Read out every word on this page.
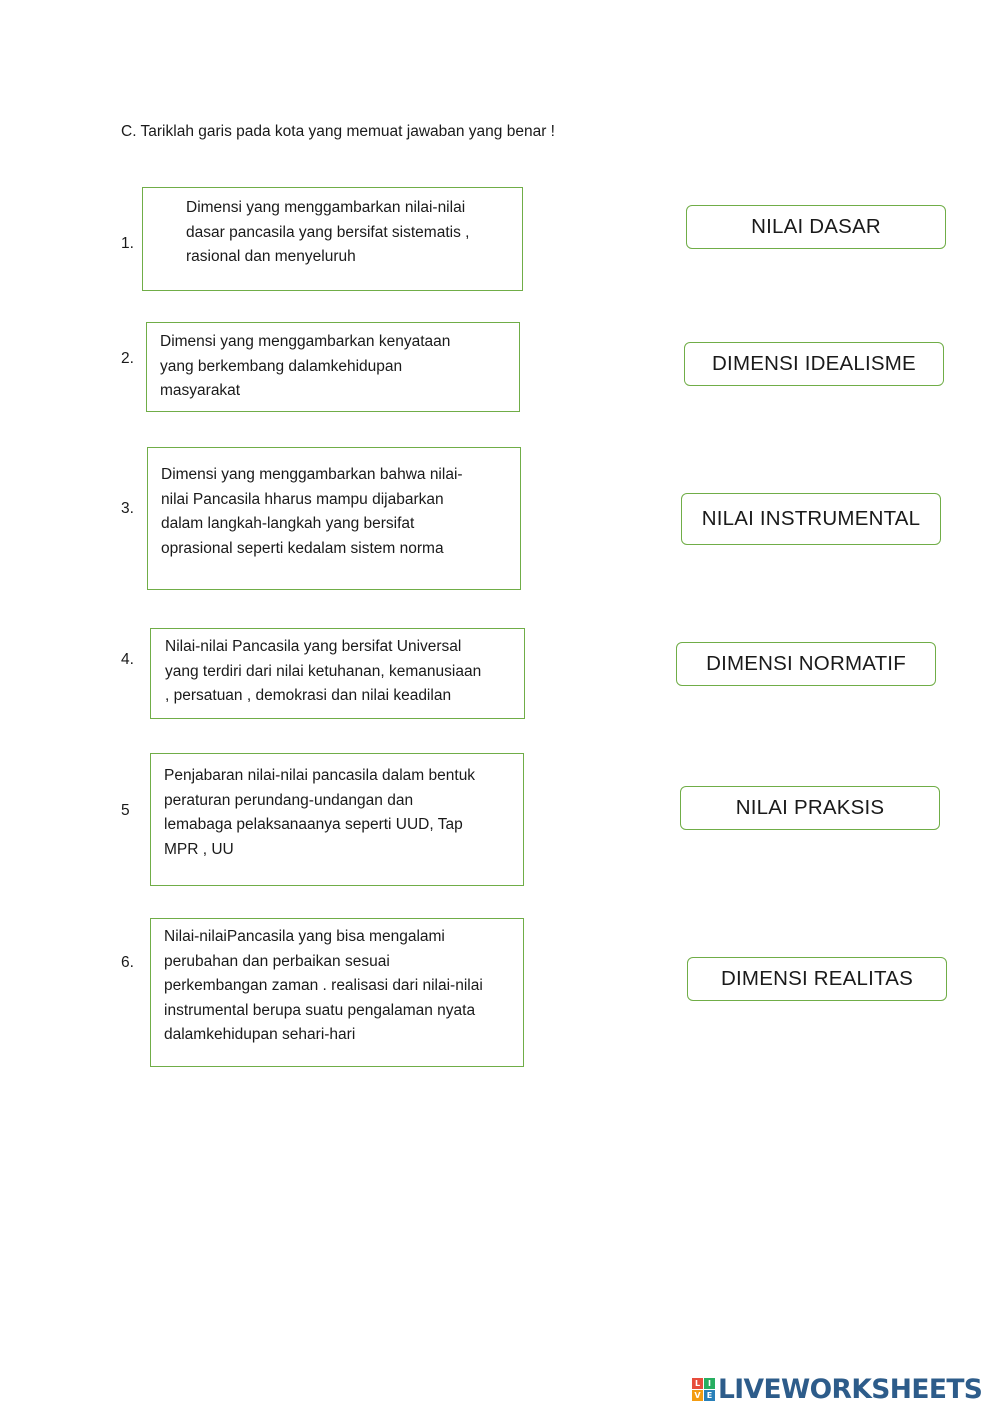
C. Tariklah garis pada kota yang memuat jawaban yang benar !
1.
Dimensi yang menggambarkan nilai-nilai
dasar pancasila yang bersifat sistematis ,
rasional dan menyeluruh
2.
Dimensi yang menggambarkan kenyataan
yang berkembang dalamkehidupan
masyarakat
3.
Dimensi yang menggambarkan bahwa nilai-
nilai Pancasila hharus mampu dijabarkan
dalam langkah-langkah yang bersifat
oprasional seperti kedalam sistem norma
4.
Nilai-nilai Pancasila yang bersifat Universal
yang terdiri dari nilai ketuhanan, kemanusiaan
, persatuan , demokrasi dan nilai keadilan
5
Penjabaran nilai-nilai pancasila dalam bentuk
peraturan perundang-undangan dan
lemabaga pelaksanaanya seperti UUD, Tap
MPR , UU
6.
Nilai-nilaiPancasila yang bisa mengalami
perubahan dan perbaikan sesuai
perkembangan zaman . realisasi dari nilai-nilai
instrumental berupa suatu pengalaman nyata
dalamkehidupan sehari-hari
NILAI DASAR
DIMENSI IDEALISME
NILAI INSTRUMENTAL
DIMENSI NORMATIF
NILAI PRAKSIS
DIMENSI REALITAS
L I
V E LIVEWORKSHEETS
